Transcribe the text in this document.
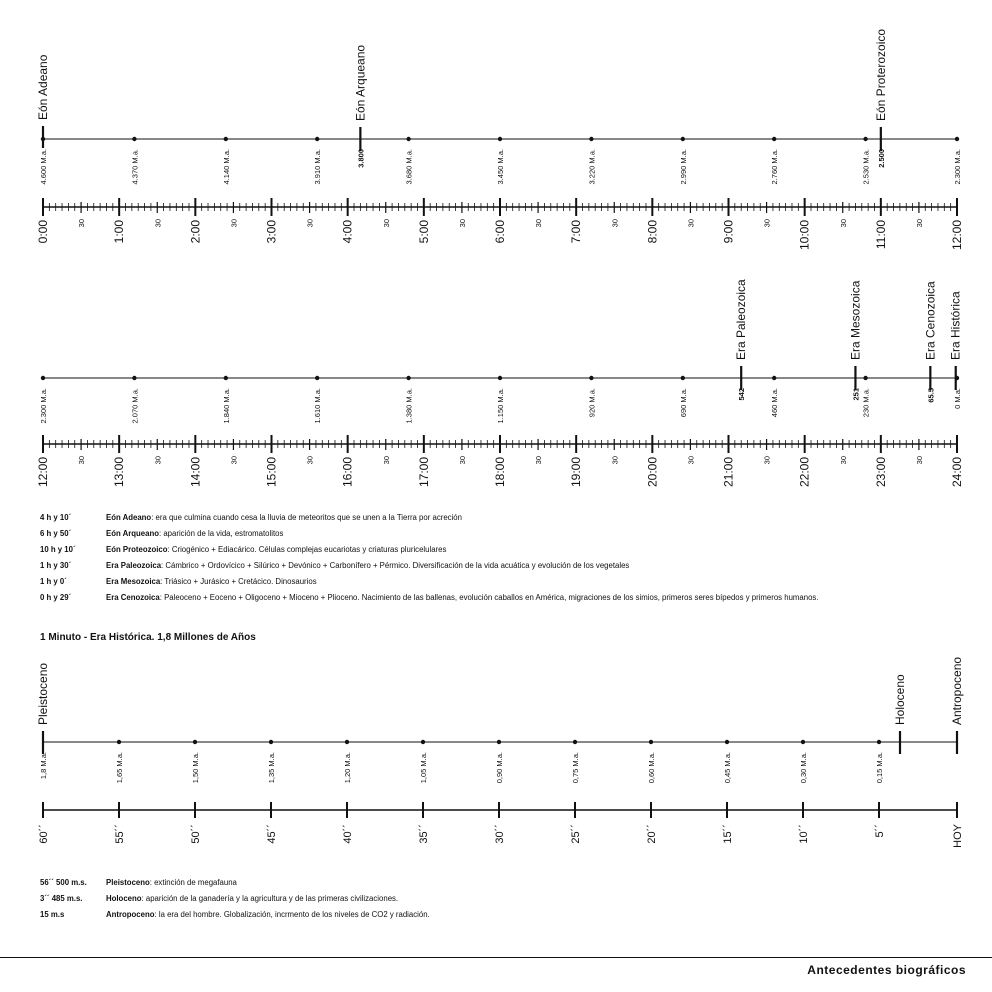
4.600 M.a.	4.370 M.a.	4.140 M.a.	3.910 M.a.	3.680 M.a.	3.450 M.a.	3.220 M.a.	2.990 M.a.	2.760 M.a.	2.530 M.a.	2.300 M.a.
Eón Adeano	Eón Arqueano
3.800
Eón Proterozoico
2.500
0:00	30 1:00	30 2:00	30 3:00	30 4:00	30 5:00	30 6:00	30 7:00	30 8:00	30 9:00	30 10:00	30 11:00	30 12:00
2.300 M.a.	2.070 M.a.	1.840 M.a.	1.610 M.a.	1.380 M.a.	1.150 M.a.	920 M.a.	690 M.a.	460 M.a.	230 M.a.	0 M.a.
Era Paleozoica
542
Era Mesozoica
251
Era Cenozoica
65.5
Era Histórica
12:00	30 13:00	30 14:00	30 15:00	30 16:00	30 17:00	30 18:00	30 19:00	30 20:00	30 21:00	30 22:00	30 23:00	30 24:00
1,8 M.a.	1,65 M.a.	1,50 M.a.	1,35 M.a.	1,20 M.a.	1,05 M.a.	0,90 M.a.	0,75 M.a.	0,60 M.a.	0,45 M.a.	0,30 M.a.	0,15 M.a.
Pleistoceno	Holoceno	Antropoceno
60´´	55´´	50´´	45´´	40´´	35´´	30´´	25´´	20´´	15´´	10´´	5´´	HOY
4 h y 10´	Eón Adeano: era que culmina cuando cesa la lluvia de meteoritos que se unen a la Tierra por acreción
6 h y 50´	Eón Arqueano: aparición de la vida, estromatolitos
10 h y 10´	Eón Proteozoico: Criogénico + Ediacárico. Células complejas eucariotas y criaturas pluricelulares
1 h y 30´	Era Paleozoica: Cámbrico + Ordovícico + Silúrico + Devónico + Carbonífero + Pérmico. Diversificación de la vida acuática y evolución de los vegetales
1 h y 0´	Era Mesozoica: Triásico + Jurásico + Cretácico. Dinosaurios
0 h y 29´	Era Cenozoica: Paleoceno + Eoceno + Oligoceno + Mioceno + Plioceno. Nacimiento de las ballenas, evolución caballos en América, migraciones de los simios, primeros seres bípedos y primeros humanos.
1 Minuto - Era Histórica. 1,8 Millones de Años
56´´ 500 m.s. Pleistoceno: extinción de megafauna
3´´ 485 m.s.	Holoceno: aparición de la ganadería y la agricultura y de las primeras civilizaciones.
15 m.s	Antropoceno: la era del hombre. Globalización, incrmento de los niveles de CO2 y radiación.
Antecedentes biográficos
